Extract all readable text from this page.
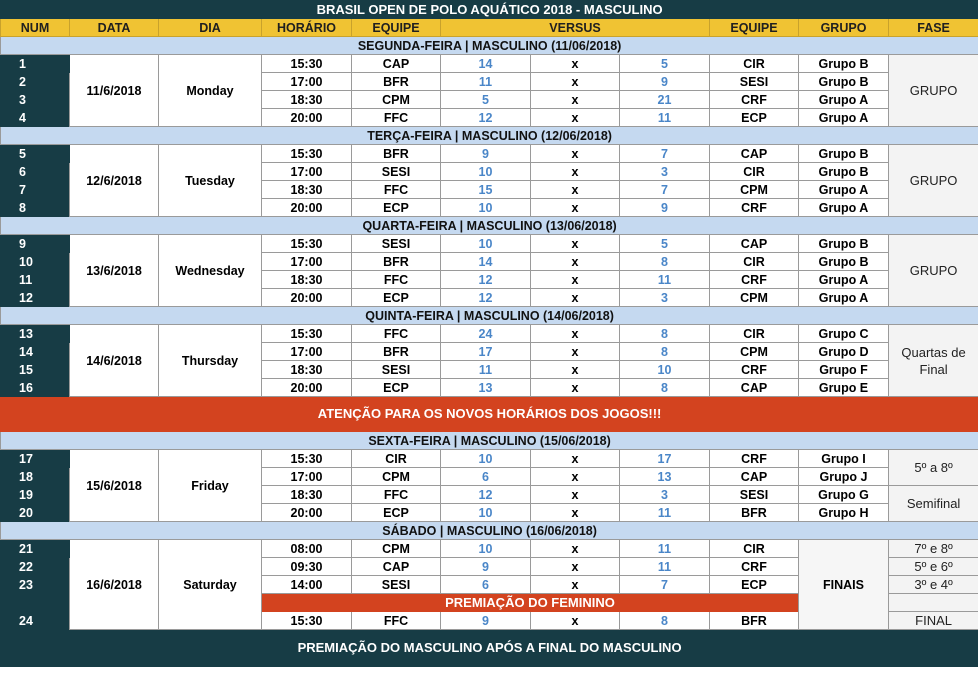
BRASIL OPEN DE POLO AQUÁTICO 2018 - MASCULINO										
NUM	DATA	DIA	HORÁRIO	EQUIPE	VERSUS			EQUIPE	GRUPO	FASE
SEGUNDA-FEIRA | MASCULINO (11/06/2018)										
1	11/6/2018	Monday	15:30	CAP	14	x	5	CIR	Grupo B	GRUPO
2			17:00	BFR	11	x	9	SESI	Grupo B	
3			18:30	CPM	5	x	21	CRF	Grupo A	
4			20:00	FFC	12	x	11	ECP	Grupo A	
TERÇA-FEIRA | MASCULINO (12/06/2018)										
5	12/6/2018	Tuesday	15:30	BFR	9	x	7	CAP	Grupo B	GRUPO
6			17:00	SESI	10	x	3	CIR	Grupo B	
7			18:30	FFC	15	x	7	CPM	Grupo A	
8			20:00	ECP	10	x	9	CRF	Grupo A	
QUARTA-FEIRA | MASCULINO (13/06/2018)										
9	13/6/2018	Wednesday	15:30	SESI	10	x	5	CAP	Grupo B	GRUPO
10			17:00	BFR	14	x	8	CIR	Grupo B	
11			18:30	FFC	12	x	11	CRF	Grupo A	
12			20:00	ECP	12	x	3	CPM	Grupo A	
QUINTA-FEIRA | MASCULINO (14/06/2018)										
13	14/6/2018	Thursday	15:30	FFC	24	x	8	CIR	Grupo C	Quartas de Final
14			17:00	BFR	17	x	8	CPM	Grupo D	
15			18:30	SESI	11	x	10	CRF	Grupo F	
16			20:00	ECP	13	x	8	CAP	Grupo E	
ATENÇÃO PARA OS NOVOS HORÁRIOS DOS JOGOS!!!										
SEXTA-FEIRA | MASCULINO (15/06/2018)										
17	15/6/2018	Friday	15:30	CIR	10	x	17	CRF	Grupo I	5º a 8º
18			17:00	CPM	6	x	13	CAP	Grupo J	
19			18:30	FFC	12	x	3	SESI	Grupo G	Semifinal
20			20:00	ECP	10	x	11	BFR	Grupo H	
SÁBADO | MASCULINO (16/06/2018)										
21	16/6/2018	Saturday	08:00	CPM	10	x	11	CIR	FINAIS	7º e 8º
22			09:30	CAP	9	x	11	CRF		5º e 6º
23			14:00	SESI	6	x	7	ECP		3º e 4º
			PREMIAÇÃO DO FEMININO							
24			15:30	FFC	9	x	8	BFR		FINAL
PREMIAÇÃO DO MASCULINO APÓS A FINAL DO MASCULINO										
